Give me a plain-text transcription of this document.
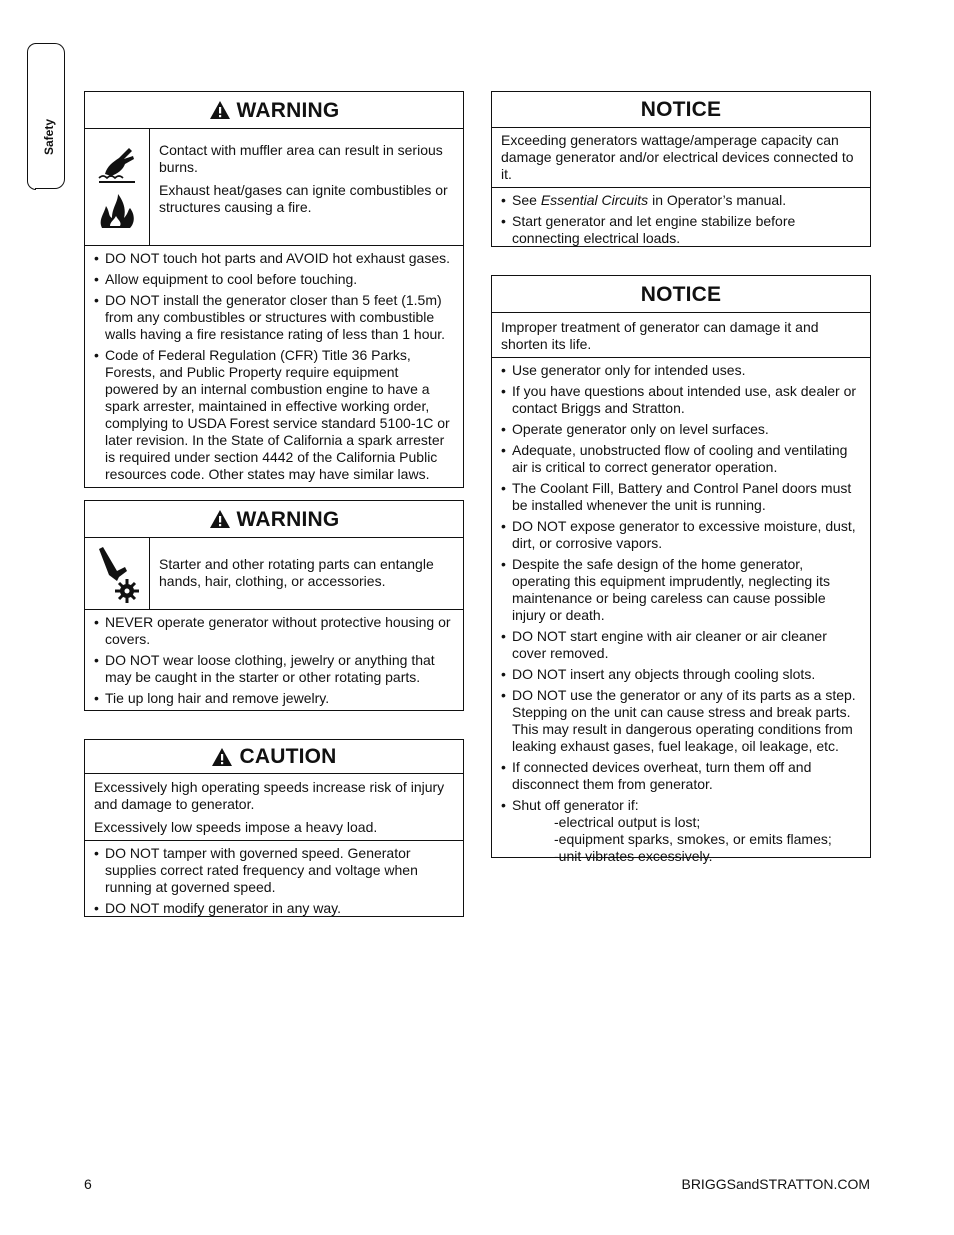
Safety
WARNING

Contact with muffler area can result in serious burns.

Exhaust heat/gases can ignite combustibles or structures causing a fire.

• DO NOT touch hot parts and AVOID hot exhaust gases.
• Allow equipment to cool before touching.
• DO NOT install the generator closer than 5 feet (1.5m) from any combustibles or structures with combustible walls having a fire resistance rating of less than 1 hour.
• Code of Federal Regulation (CFR) Title 36 Parks, Forests, and Public Property require equipment powered by an internal combustion engine to have a spark arrester, maintained in effective working order, complying to USDA Forest service standard 5100-1C or later revision. In the State of California a spark arrester is required under section 4442 of the California Public resources code. Other states may have similar laws.
WARNING

Starter and other rotating parts can entangle hands, hair, clothing, or accessories.

• NEVER operate generator without protective housing or covers.
• DO NOT wear loose clothing, jewelry or anything that may be caught in the starter or other rotating parts.
• Tie up long hair and remove jewelry.
CAUTION

Excessively high operating speeds increase risk of injury and damage to generator.

Excessively low speeds impose a heavy load.

• DO NOT tamper with governed speed. Generator supplies correct rated frequency and voltage when running at governed speed.
• DO NOT modify generator in any way.
NOTICE

Exceeding generators wattage/amperage capacity can damage generator and/or electrical devices connected to it.

• See Essential Circuits in Operator’s manual.
• Start generator and let engine stabilize before connecting electrical loads.
NOTICE

Improper treatment of generator can damage it and shorten its life.

• Use generator only for intended uses.
• If you have questions about intended use, ask dealer or contact Briggs and Stratton.
• Operate generator only on level surfaces.
• Adequate, unobstructed flow of cooling and ventilating air is critical to correct generator operation.
• The Coolant Fill, Battery and Control Panel doors must be installed whenever the unit is running.
• DO NOT expose generator to excessive moisture, dust, dirt, or corrosive vapors.
• Despite the safe design of the home generator, operating this equipment imprudently, neglecting its maintenance or being careless can cause possible injury or death.
• DO NOT start engine with air cleaner or air cleaner cover removed.
• DO NOT insert any objects through cooling slots.
• DO NOT use the generator or any of its parts as a step. Stepping on the unit can cause stress and break parts. This may result in dangerous operating conditions from leaking exhaust gases, fuel leakage, oil leakage, etc.
• If connected devices overheat, turn them off and disconnect them from generator.
• Shut off generator if:
-electrical output is lost;
-equipment sparks, smokes, or emits flames;
-unit vibrates excessively.
6	BRIGGSandSTRATTON.COM
